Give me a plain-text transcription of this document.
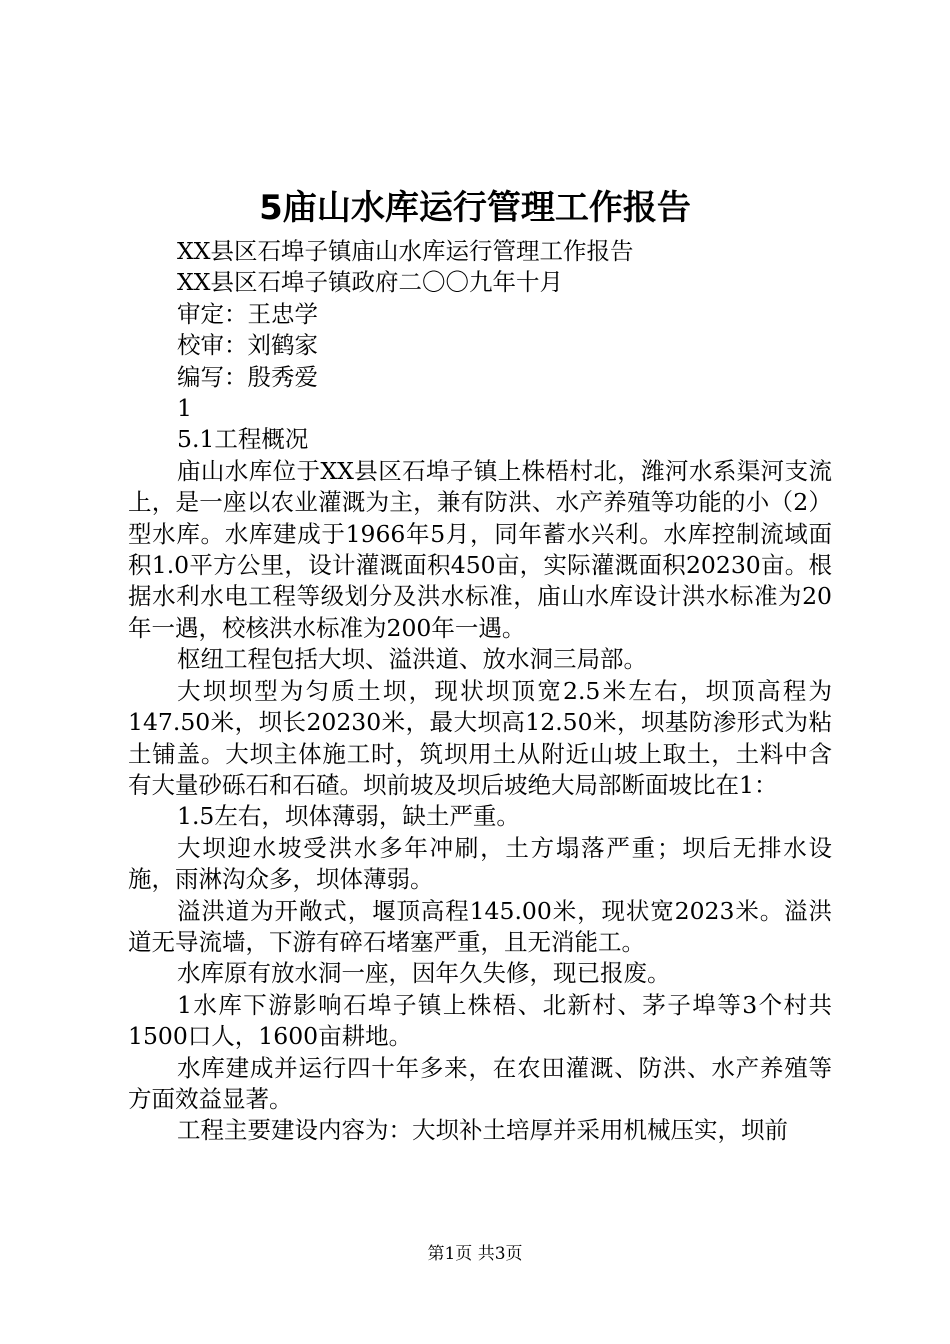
5庙山水库运行管理工作报告
XX县区石埠子镇庙山水库运行管理工作报告
XX县区石埠子镇政府二〇〇九年十月
审定：王忠学
校审：刘鹤家
编写：殷秀爱
1
5.1工程概况

庙山水库位于XX县区石埠子镇上株梧村北，潍河水系渠河支流上，是一座以农业灌溉为主，兼有防洪、水产养殖等功能的小（2）型水库。水库建成于1966年5月，同年蓄水兴利。水库控制流域面积1.0平方公里，设计灌溉面积450亩，实际灌溉面积20230亩。根据水利水电工程等级划分及洪水标准，庙山水库设计洪水标准为20年一遇，校核洪水标准为200年一遇。

枢纽工程包括大坝、溢洪道、放水洞三局部。

大坝坝型为匀质土坝，现状坝顶宽2.5米左右，坝顶高程为147.50米，坝长20230米，最大坝高12.50米，坝基防渗形式为粘土铺盖。大坝主体施工时，筑坝用土从附近山坡上取土，土料中含有大量砂砾石和石碴。坝前坡及坝后坡绝大局部断面坡比在1：

1.5左右，坝体薄弱，缺土严重。

大坝迎水坡受洪水多年冲刷，土方塌落严重；坝后无排水设施，雨淋沟众多，坝体薄弱。

溢洪道为开敞式，堰顶高程145.00米，现状宽2023米。溢洪道无导流墙，下游有碎石堵塞严重，且无消能工。

水库原有放水洞一座，因年久失修，现已报废。

1水库下游影响石埠子镇上株梧、北新村、茅子埠等3个村共1500口人，1600亩耕地。

水库建成并运行四十年多来，在农田灌溉、防洪、水产养殖等方面效益显著。

工程主要建设内容为：大坝补土培厚并采用机械压实，坝前

第1页 共3页
